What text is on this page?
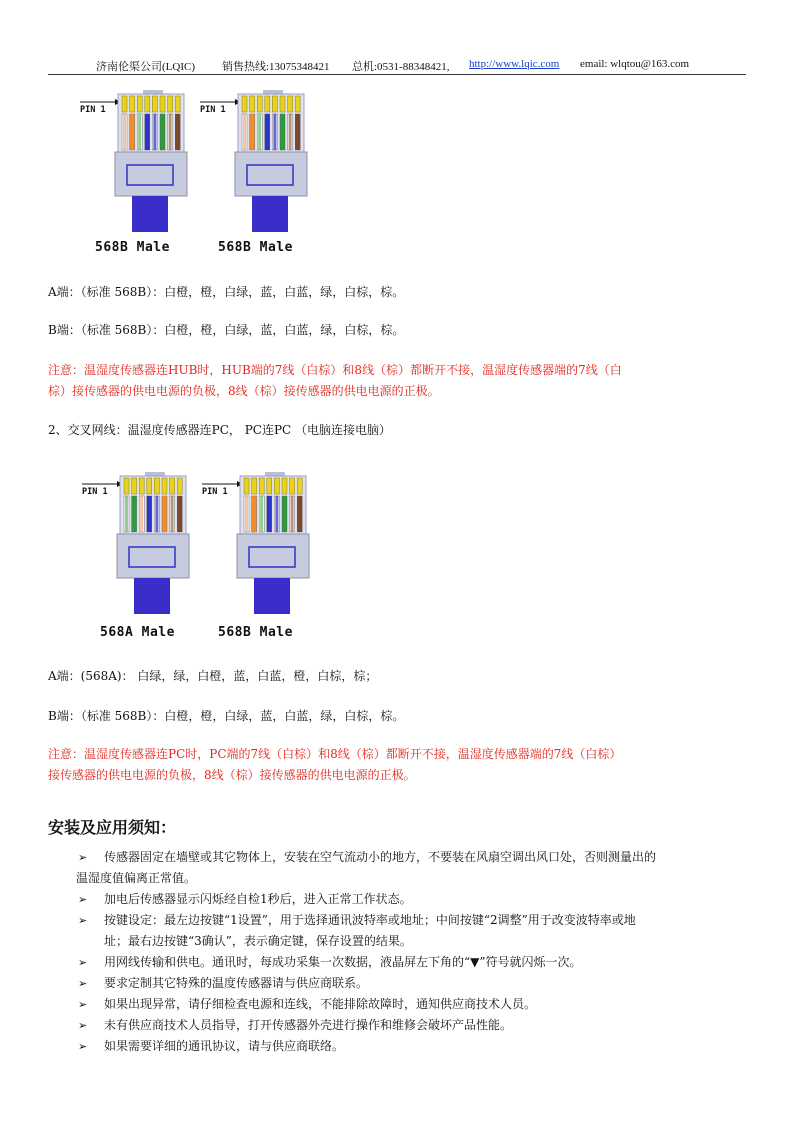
济南伦渠公司(LQIC) 销售热线:13075348421 总机:0531-88348421, http://www.lqic.com email: wlqtou@163.com
PIN 1	PIN 1
568B Male	568B Male
A端：（标准 568B）：白橙，橙，白绿，蓝，白蓝，绿，白棕，棕。
B端：（标准 568B）：白橙，橙，白绿，蓝，白蓝，绿，白棕，棕。
注意：温湿度传感器连HUB时，HUB端的7线（白棕）和8线（棕）都断开不接，温湿度传感器端的7线（白
棕）接传感器的供电电源的负极，8线（棕）接传感器的供电电源的正极。
2、交叉网线：温湿度传感器连PC， PC连PC （电脑连接电脑）
PIN 1	PIN 1
568A Male	568B Male
A端：(568A)： 白绿，绿，白橙，蓝，白蓝，橙，白棕，棕；
B端：（标准 568B）：白橙，橙，白绿，蓝，白蓝，绿，白棕，棕。
注意：温湿度传感器连PC时，PC端的7线（白棕）和8线（棕）都断开不接，温湿度传感器端的7线（白棕）
接传感器的供电电源的负极，8线（棕）接传感器的供电电源的正极。
安装及应用须知：
➢ 传感器固定在墙壁或其它物体上，安装在空气流动小的地方，不要装在风扇空调出风口处，否则测量出的
温湿度值偏离正常值。
➢ 加电后传感器显示闪烁经自检1秒后，进入正常工作状态。
➢ 按键设定：最左边按键“1设置”，用于选择通讯波特率或地址；中间按键“2调整”用于改变波特率或地
址；最右边按键“3确认”，表示确定键，保存设置的结果。
➢ 用网线传输和供电。通讯时，每成功采集一次数据，液晶屏左下角的“▼”符号就闪烁一次。
➢ 要求定制其它特殊的温度传感器请与供应商联系。
➢ 如果出现异常，请仔细检查电源和连线，不能排除故障时，通知供应商技术人员。
➢ 未有供应商技术人员指导，打开传感器外壳进行操作和维修会破坏产品性能。
➢ 如果需要详细的通讯协议，请与供应商联络。
